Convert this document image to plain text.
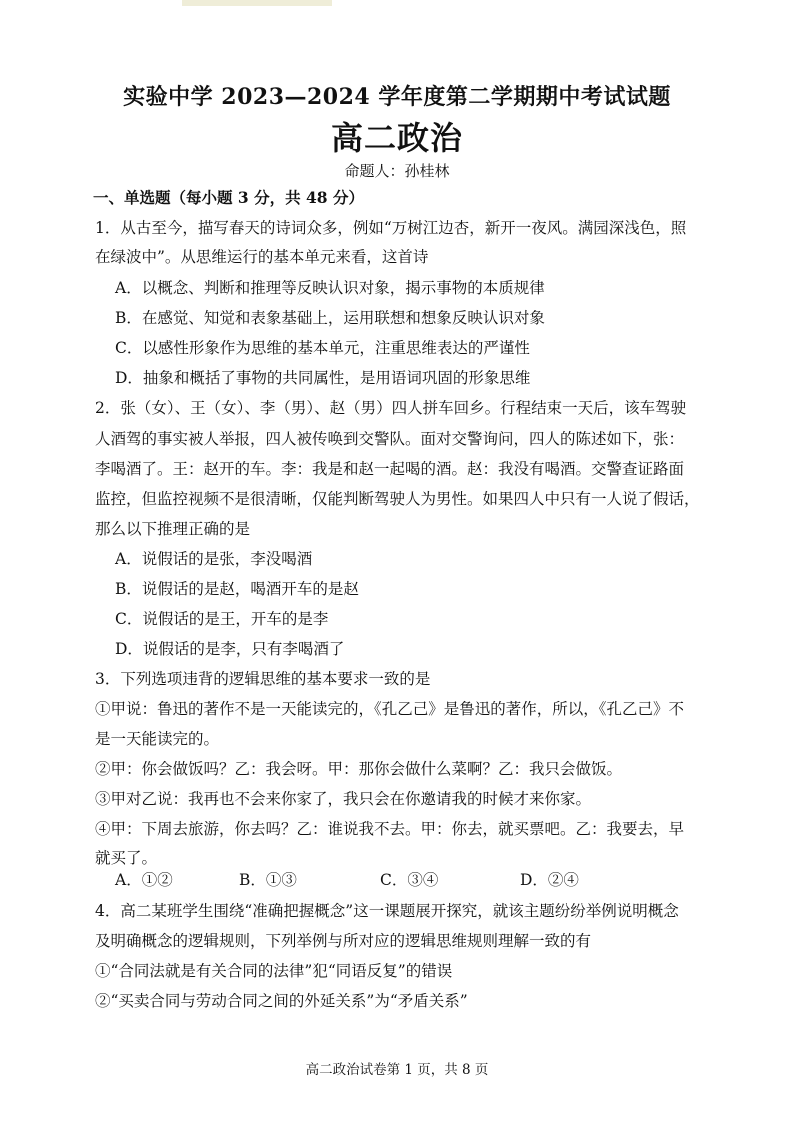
实验中学 2023—2024 学年度第二学期期中考试试题
高二政治
命题人：孙桂林
一、单选题（每小题 3 分，共 48 分）
1．从古至今，描写春天的诗词众多，例如“万树江边杏，新开一夜风。满园深浅色，照
在绿波中”。从思维运行的基本单元来看，这首诗
A．以概念、判断和推理等反映认识对象，揭示事物的本质规律
B．在感觉、知觉和表象基础上，运用联想和想象反映认识对象
C．以感性形象作为思维的基本单元，注重思维表达的严谨性
D．抽象和概括了事物的共同属性，是用语词巩固的形象思维
2．张（女）、王（女）、李（男）、赵（男）四人拼车回乡。行程结束一天后，该车驾驶
人酒驾的事实被人举报，四人被传唤到交警队。面对交警询问，四人的陈述如下，张：
李喝酒了。王：赵开的车。李：我是和赵一起喝的酒。赵：我没有喝酒。交警查证路面
监控，但监控视频不是很清晰，仅能判断驾驶人为男性。如果四人中只有一人说了假话，
那么以下推理正确的是
A．说假话的是张，李没喝酒
B．说假话的是赵，喝酒开车的是赵
C．说假话的是王，开车的是李
D．说假话的是李，只有李喝酒了
3．下列选项违背的逻辑思维的基本要求一致的是
①甲说：鲁迅的著作不是一天能读完的，《孔乙己》是鲁迅的著作，所以，《孔乙己》不
是一天能读完的。
②甲：你会做饭吗？乙：我会呀。甲：那你会做什么菜啊？乙：我只会做饭。
③甲对乙说：我再也不会来你家了，我只会在你邀请我的时候才来你家。
④甲：下周去旅游，你去吗？乙：谁说我不去。甲：你去，就买票吧。乙：我要去，早
就买了。
A．①②	B．①③	C．③④	D．②④
4．高二某班学生围绕“准确把握概念”这一课题展开探究，就该主题纷纷举例说明概念
及明确概念的逻辑规则，下列举例与所对应的逻辑思维规则理解一致的有
①“合同法就是有关合同的法律”犯“同语反复”的错误
②“买卖合同与劳动合同之间的外延关系”为“矛盾关系”
高二政治试卷第 1 页，共 8 页
